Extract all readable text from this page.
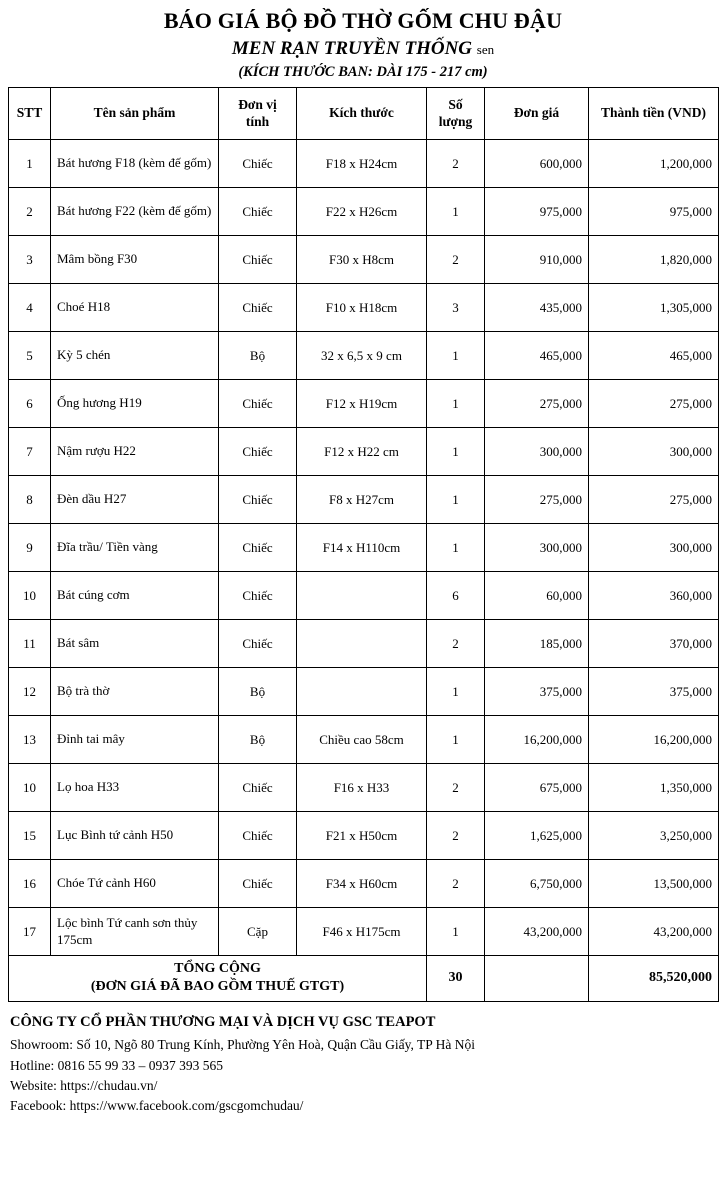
BÁO GIÁ BỘ ĐỒ THỜ GỐM CHU ĐẬU
MEN RẠN TRUYỀN THỐNG sen
(KÍCH THƯỚC BAN: DÀI 175 - 217 cm)
STT	Tên sản phẩm	Đơn vị tính	Kích thước	Số lượng	Đơn giá	Thành tiền (VND)
1	Bát hương F18 (kèm đế gốm)	Chiếc	F18 x H24cm	2	600,000	1,200,000
2	Bát hương F22 (kèm đế gốm)	Chiếc	F22 x H26cm	1	975,000	975,000
3	Mâm bồng F30	Chiếc	F30 x H8cm	2	910,000	1,820,000
4	Choé H18	Chiếc	F10 x H18cm	3	435,000	1,305,000
5	Kỳ 5 chén	Bộ	32 x 6,5 x 9 cm	1	465,000	465,000
6	Ống hương H19	Chiếc	F12 x H19cm	1	275,000	275,000
7	Nậm rượu H22	Chiếc	F12 x H22 cm	1	300,000	300,000
8	Đèn dầu H27	Chiếc	F8 x H27cm	1	275,000	275,000
9	Đĩa trầu/ Tiền vàng	Chiếc	F14 x H110cm	1	300,000	300,000
10	Bát cúng cơm	Chiếc		6	60,000	360,000
11	Bát sâm	Chiếc		2	185,000	370,000
12	Bộ trà thờ	Bộ		1	375,000	375,000
13	Đỉnh tai mây	Bộ	Chiều cao 58cm	1	16,200,000	16,200,000
10	Lọ hoa H33	Chiếc	F16 x H33	2	675,000	1,350,000
15	Lục Bình tứ cảnh H50	Chiếc	F21 x H50cm	2	1,625,000	3,250,000
16	Chóe Tứ cảnh H60	Chiếc	F34 x H60cm	2	6,750,000	13,500,000
17	Lộc bình Tứ canh sơn thủy 175cm	Cặp	F46 x H175cm	1	43,200,000	43,200,000

TỔNG CỘNG
(ĐƠN GIÁ ĐÃ BAO GỒM THUẾ GTGT)				30		85,520,000
CÔNG TY CỔ PHẦN THƯƠNG MẠI VÀ DỊCH VỤ GSC TEAPOT
Showroom: Số 10, Ngõ 80 Trung Kính, Phường Yên Hoà, Quận Cầu Giấy, TP Hà Nội
Hotline: 0816 55 99 33 – 0937 393 565
Website: https://chudau.vn/
Facebook: https://www.facebook.com/gscgomchudau/
